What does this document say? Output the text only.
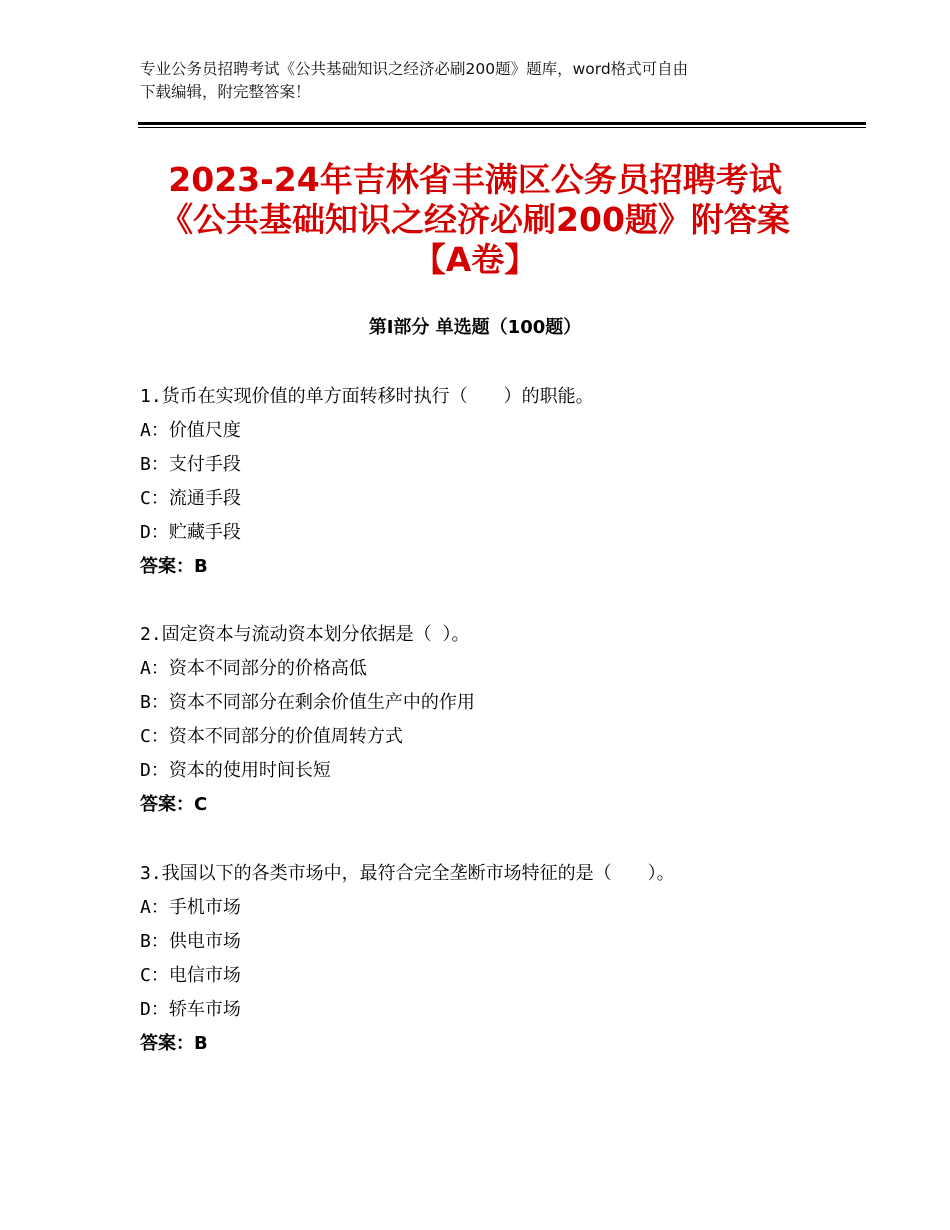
专业公务员招聘考试《公共基础知识之经济必刷200题》题库，word格式可自由
下载编辑，附完整答案！
2023-24年吉林省丰满区公务员招聘考试
《公共基础知识之经济必刷200题》附答案
【A卷】
第Ⅰ部分 单选题（100题）
1.货币在实现价值的单方面转移时执行（　　）的职能。
A：价值尺度
B：支付手段
C：流通手段
D：贮藏手段
答案：B
2.固定资本与流动资本划分依据是（ ）。
A：资本不同部分的价格高低
B：资本不同部分在剩余价值生产中的作用
C：资本不同部分的价值周转方式
D：资本的使用时间长短
答案：C
3.我国以下的各类市场中，最符合完全垄断市场特征的是（　　）。
A：手机市场
B：供电市场
C：电信市场
D：轿车市场
答案：B
